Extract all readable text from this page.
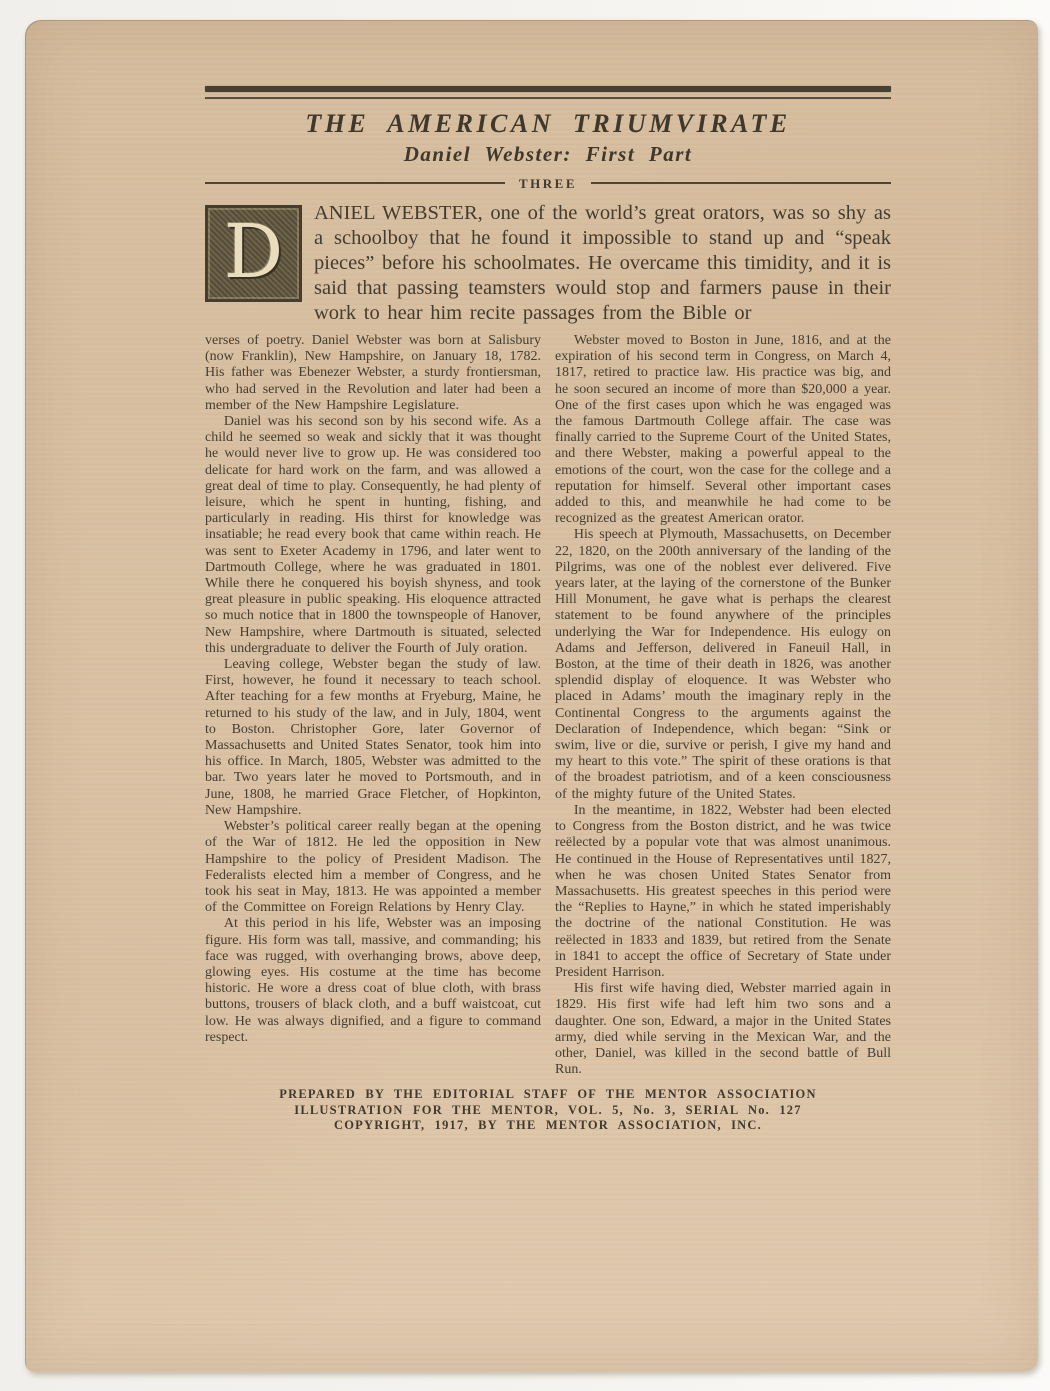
THE AMERICAN TRIUMVIRATE
Daniel Webster: First Part
THREE
D ANIEL WEBSTER, one of the world’s great orators, was so shy as a schoolboy that he found it impossible to stand up and “speak pieces” before his schoolmates. He overcame this timidity, and it is said that passing teamsters would stop and farmers pause in their work to hear him recite passages from the Bible or

verses of poetry. Daniel Webster was born at Salisbury (now Franklin), New Hampshire, on January 18, 1782. His father was Ebenezer Webster, a sturdy frontiersman, who had served in the Revolution and later had been a member of the New Hampshire Legislature.

Daniel was his second son by his second wife. As a child he seemed so weak and sickly that it was thought he would never live to grow up. He was considered too delicate for hard work on the farm, and was allowed a great deal of time to play. Consequently, he had plenty of leisure, which he spent in hunting, fishing, and particularly in reading. His thirst for knowledge was insatiable; he read every book that came within reach. He was sent to Exeter Academy in 1796, and later went to Dartmouth College, where he was graduated in 1801. While there he conquered his boyish shyness, and took great pleasure in public speaking. His eloquence attracted so much notice that in 1800 the townspeople of Hanover, New Hampshire, where Dartmouth is situated, selected this undergraduate to deliver the Fourth of July oration.

Leaving college, Webster began the study of law. First, however, he found it necessary to teach school. After teaching for a few months at Fryeburg, Maine, he returned to his study of the law, and in July, 1804, went to Boston. Christopher Gore, later Governor of Massachusetts and United States Senator, took him into his office. In March, 1805, Webster was admitted to the bar. Two years later he moved to Portsmouth, and in June, 1808, he married Grace Fletcher, of Hopkinton, New Hampshire.

Webster’s political career really began at the opening of the War of 1812. He led the opposition in New Hampshire to the policy of President Madison. The Federalists elected him a member of Congress, and he took his seat in May, 1813. He was appointed a member of the Committee on Foreign Relations by Henry Clay.

At this period in his life, Webster was an imposing figure. His form was tall, massive, and commanding; his face was rugged, with overhanging brows, above deep, glowing eyes. His costume at the time has become historic. He wore a dress coat of blue cloth, with brass buttons, trousers of black cloth, and a buff waistcoat, cut low. He was always dignified, and a figure to command respect.

Webster moved to Boston in June, 1816, and at the expiration of his second term in Congress, on March 4, 1817, retired to practice law. His practice was big, and he soon secured an income of more than $20,000 a year. One of the first cases upon which he was engaged was the famous Dartmouth College affair. The case was finally carried to the Supreme Court of the United States, and there Webster, making a powerful appeal to the emotions of the court, won the case for the college and a reputation for himself. Several other important cases added to this, and meanwhile he had come to be recognized as the greatest American orator.

His speech at Plymouth, Massachusetts, on December 22, 1820, on the 200th anniversary of the landing of the Pilgrims, was one of the noblest ever delivered. Five years later, at the laying of the cornerstone of the Bunker Hill Monument, he gave what is perhaps the clearest statement to be found anywhere of the principles underlying the War for Independence. His eulogy on Adams and Jefferson, delivered in Faneuil Hall, in Boston, at the time of their death in 1826, was another splendid display of eloquence. It was Webster who placed in Adams’ mouth the imaginary reply in the Continental Congress to the arguments against the Declaration of Independence, which began: “Sink or swim, live or die, survive or perish, I give my hand and my heart to this vote.” The spirit of these orations is that of the broadest patriotism, and of a keen consciousness of the mighty future of the United States.

In the meantime, in 1822, Webster had been elected to Congress from the Boston district, and he was twice reëlected by a popular vote that was almost unanimous. He continued in the House of Representatives until 1827, when he was chosen United States Senator from Massachusetts. His greatest speeches in this period were the “Replies to Hayne,” in which he stated imperishably the doctrine of the national Constitution. He was reëlected in 1833 and 1839, but retired from the Senate in 1841 to accept the office of Secretary of State under President Harrison.

His first wife having died, Webster married again in 1829. His first wife had left him two sons and a daughter. One son, Edward, a major in the United States army, died while serving in the Mexican War, and the other, Daniel, was killed in the second battle of Bull Run.

PREPARED BY THE EDITORIAL STAFF OF THE MENTOR ASSOCIATION
ILLUSTRATION FOR THE MENTOR, VOL. 5, No. 3, SERIAL No. 127
COPYRIGHT, 1917, BY THE MENTOR ASSOCIATION, INC.
